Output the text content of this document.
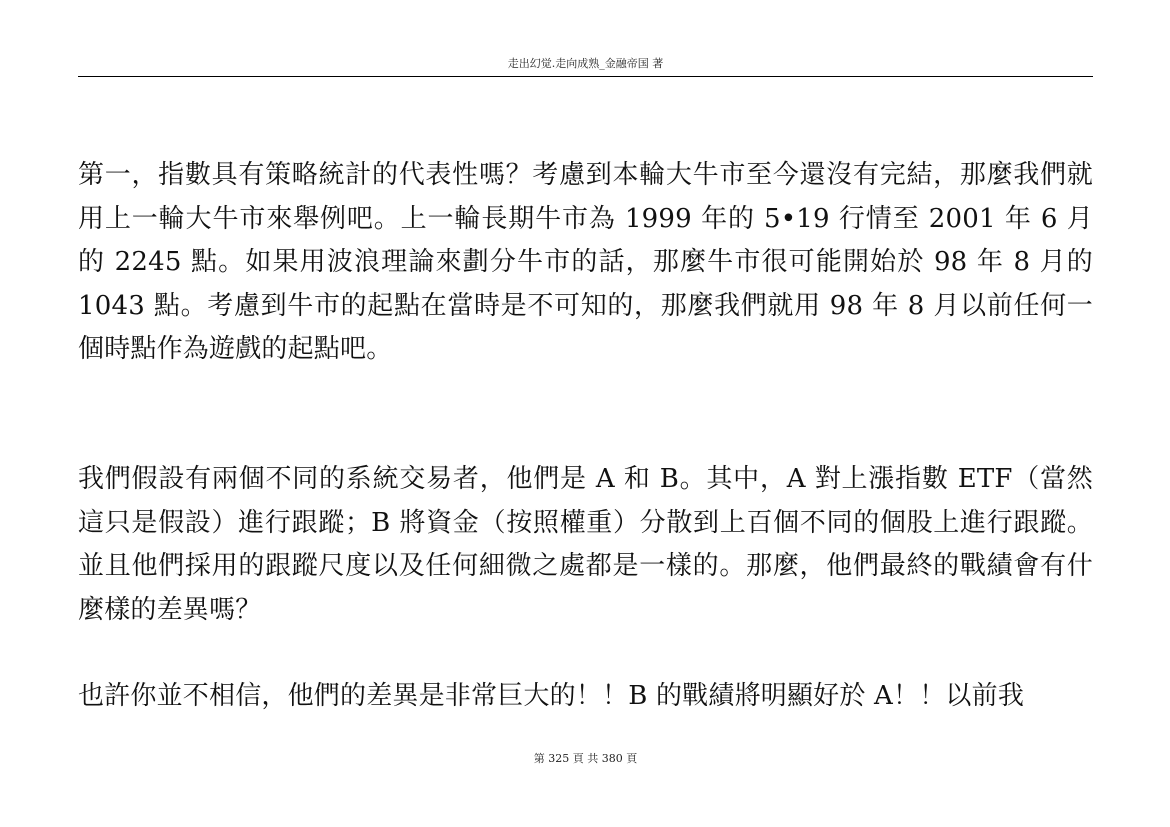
走出幻觉.走向成熟_金融帝国 著

第一，指數具有策略統計的代表性嗎？考慮到本輪大牛市至今還沒有完結，那麼我們就用上一輪大牛市來舉例吧。上一輪長期牛市為 1999 年的 5•19 行情至 2001 年 6 月的 2245 點。如果用波浪理論來劃分牛市的話，那麼牛市很可能開始於 98 年 8 月的 1043 點。考慮到牛市的起點在當時是不可知的，那麼我們就用 98 年 8 月以前任何一個時點作為遊戲的起點吧。

我們假設有兩個不同的系統交易者，他們是 A 和 B。其中，A 對上漲指數 ETF（當然這只是假設）進行跟蹤；B 將資金（按照權重）分散到上百個不同的個股上進行跟蹤。並且他們採用的跟蹤尺度以及任何細微之處都是一樣的。那麼，他們最終的戰績會有什麼樣的差異嗎？

也許你並不相信，他們的差異是非常巨大的！！B 的戰績將明顯好於 A！！以前我

第 325 頁 共 380 頁
